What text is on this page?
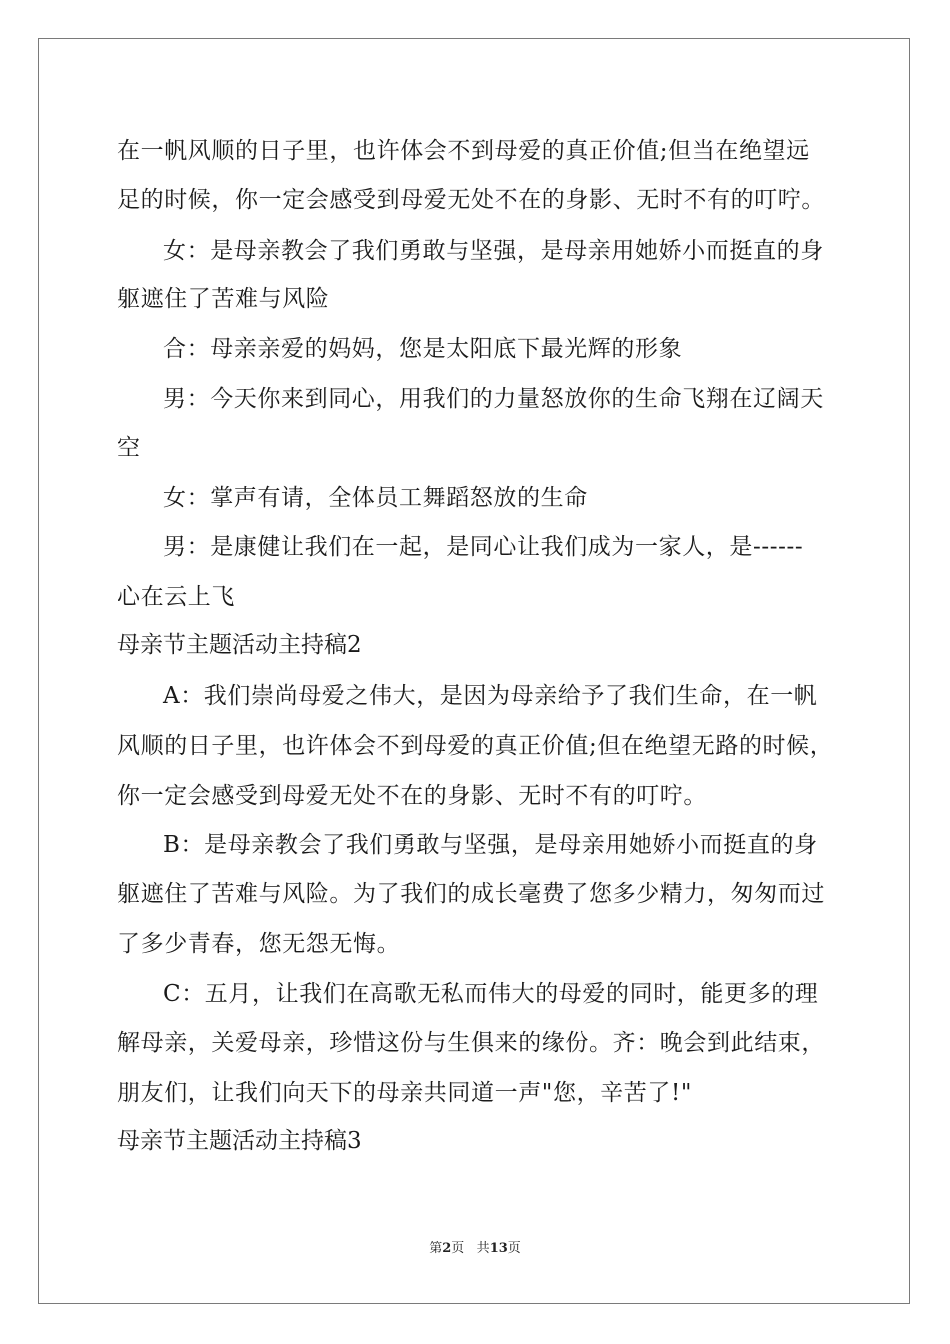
在一帆风顺的日子里，也许体会不到母爱的真正价值;但当在绝望远
足的时候，你一定会感受到母爱无处不在的身影、无时不有的叮咛。
女：是母亲教会了我们勇敢与坚强，是母亲用她娇小而挺直的身
躯遮住了苦难与风险
合：母亲亲爱的妈妈，您是太阳底下最光辉的形象
男：今天你来到同心，用我们的力量怒放你的生命飞翔在辽阔天
空
女：掌声有请，全体员工舞蹈怒放的生命
男：是康健让我们在一起，是同心让我们成为一家人，是------
心在云上飞
母亲节主题活动主持稿2
A：我们崇尚母爱之伟大，是因为母亲给予了我们生命，在一帆
风顺的日子里，也许体会不到母爱的真正价值;但在绝望无路的时候，
你一定会感受到母爱无处不在的身影、无时不有的叮咛。
B：是母亲教会了我们勇敢与坚强，是母亲用她娇小而挺直的身
躯遮住了苦难与风险。为了我们的成长毫费了您多少精力，匆匆而过
了多少青春，您无怨无悔。
C：五月，让我们在高歌无私而伟大的母爱的同时，能更多的理
解母亲，关爱母亲，珍惜这份与生俱来的缘份。齐：晚会到此结束，
朋友们，让我们向天下的母亲共同道一声"您，辛苦了!"
母亲节主题活动主持稿3
第2页 共13页
